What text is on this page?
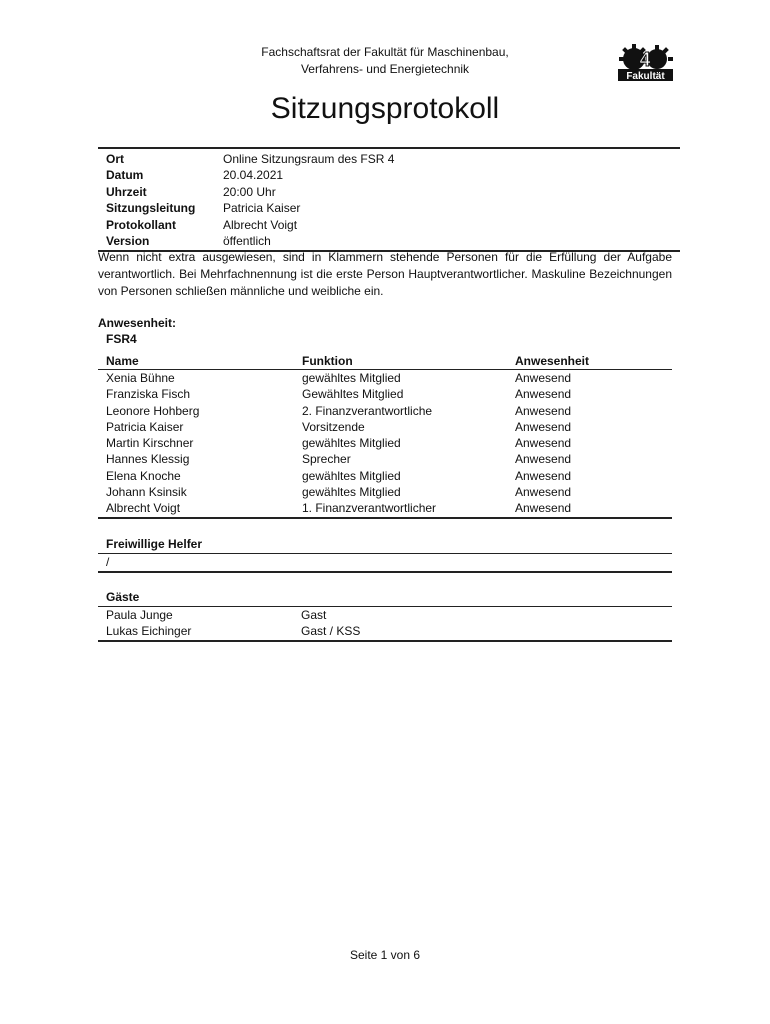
Fachschaftsrat der Fakultät für Maschinenbau,
Verfahrens- und Energietechnik	4
Fakultät
Sitzungsprotokoll
Ort	Online Sitzungsraum des FSR 4
Datum	20.04.2021
Uhrzeit	20:00 Uhr
Sitzungsleitung	Patricia Kaiser
Protokollant	Albrecht Voigt
Version	öffentlich
Wenn nicht extra ausgewiesen, sind in Klammern stehende Personen für die Erfüllung der Aufgabe verantwortlich. Bei Mehrfachnennung ist die erste Person Hauptverantwortlicher. Maskuline Bezeichnungen von Personen schließen männliche und weibliche ein.
Anwesenheit:
FSR4
Name	Funktion	Anwesenheit
Xenia Bühne	gewähltes Mitglied	Anwesend
Franziska Fisch	Gewähltes Mitglied	Anwesend
Leonore Hohberg	2. Finanzverantwortliche	Anwesend
Patricia Kaiser	Vorsitzende	Anwesend
Martin Kirschner	gewähltes Mitglied	Anwesend
Hannes Klessig	Sprecher	Anwesend
Elena Knoche	gewähltes Mitglied	Anwesend
Johann Ksinsik	gewähltes Mitglied	Anwesend
Albrecht Voigt	1. Finanzverantwortlicher	Anwesend
Freiwillige Helfer
/
Gäste
Paula Junge	Gast
Lukas Eichinger	Gast / KSS
Seite 1 von 6
